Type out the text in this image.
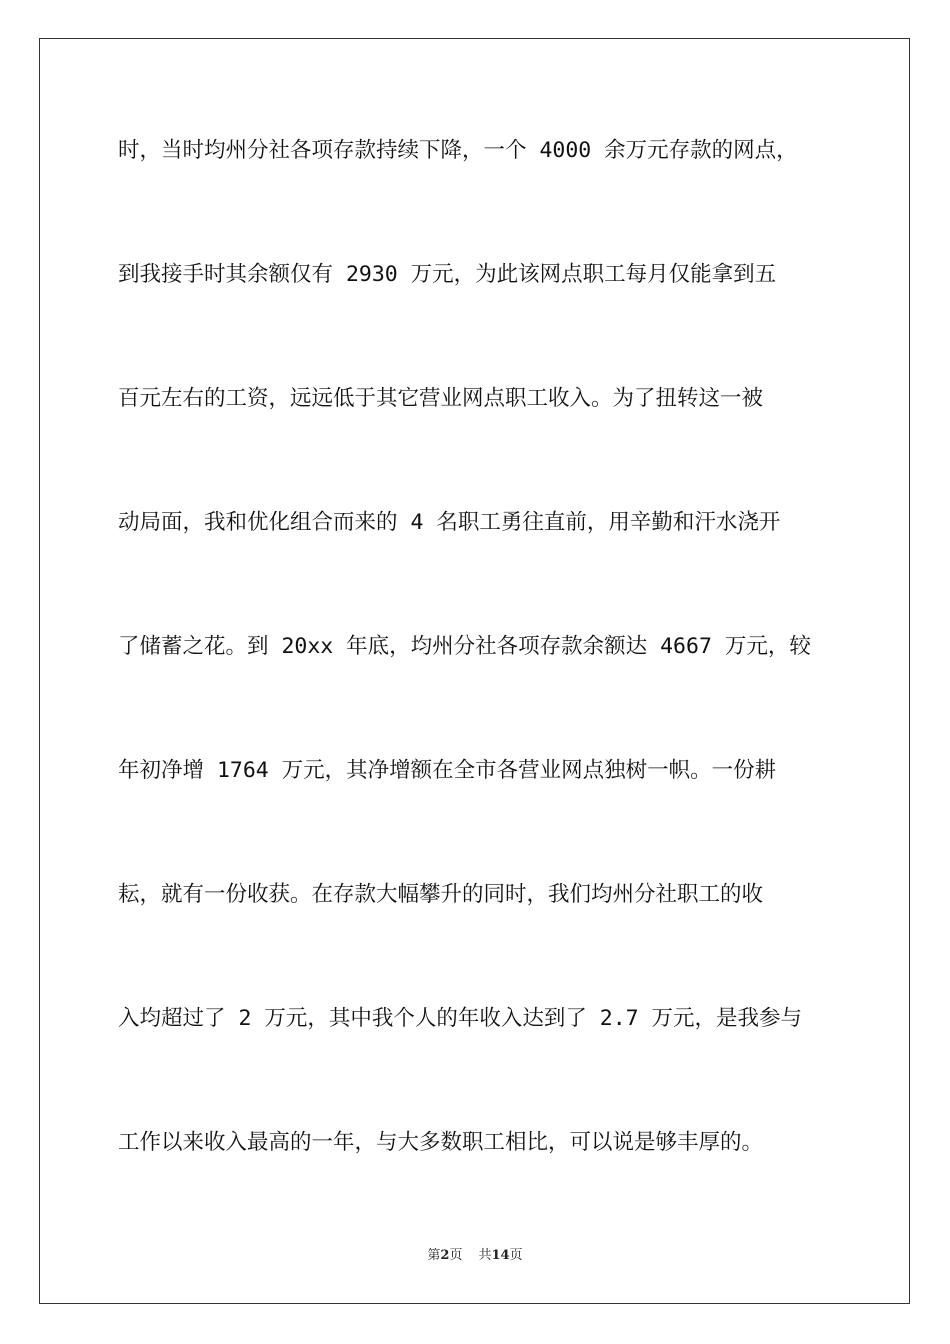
时，当时均州分社各项存款持续下降，一个 4000 余万元存款的网点，
到我接手时其余额仅有 2930 万元，为此该网点职工每月仅能拿到五
百元左右的工资，远远低于其它营业网点职工收入。为了扭转这一被
动局面，我和优化组合而来的 4 名职工勇往直前，用辛勤和汗水浇开
了储蓄之花。到 20xx 年底，均州分社各项存款余额达 4667 万元，较
年初净增 1764 万元，其净增额在全市各营业网点独树一帜。一份耕
耘，就有一份收获。在存款大幅攀升的同时，我们均州分社职工的收
入均超过了 2 万元，其中我个人的年收入达到了 2.7 万元，是我参与
工作以来收入最高的一年，与大多数职工相比，可以说是够丰厚的。
第2页 共14页
